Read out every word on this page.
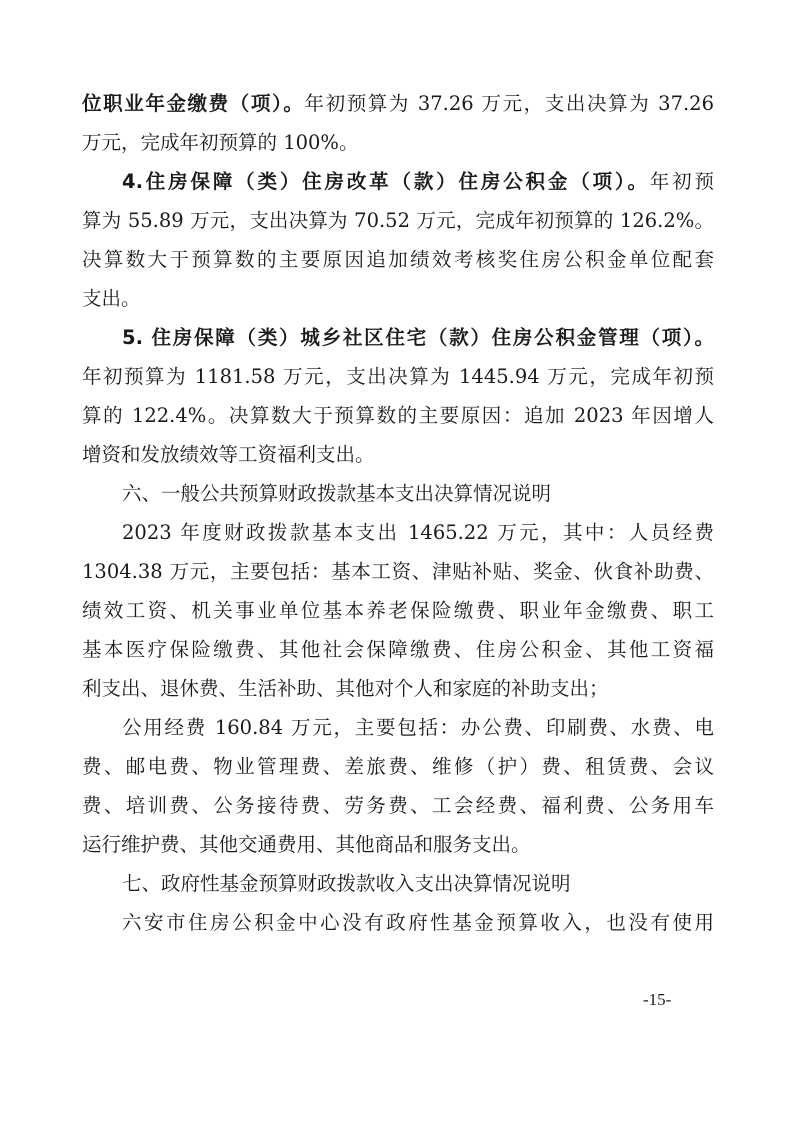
位职业年金缴费（项）。年初预算为 37.26 万元，支出决算为 37.26
万元，完成年初预算的 100%。
4.住房保障（类）住房改革（款）住房公积金（项）。年初预
算为 55.89 万元，支出决算为 70.52 万元，完成年初预算的 126.2%。
决算数大于预算数的主要原因追加绩效考核奖住房公积金单位配套
支出。
5. 住房保障（类）城乡社区住宅（款）住房公积金管理（项）。
年初预算为 1181.58 万元，支出决算为 1445.94 万元，完成年初预
算的 122.4%。决算数大于预算数的主要原因：追加 2023 年因增人
增资和发放绩效等工资福利支出。
六、一般公共预算财政拨款基本支出决算情况说明
2023 年度财政拨款基本支出 1465.22 万元，其中：人员经费
1304.38 万元，主要包括：基本工资、津贴补贴、奖金、伙食补助费、
绩效工资、机关事业单位基本养老保险缴费、职业年金缴费、职工
基本医疗保险缴费、其他社会保障缴费、住房公积金、其他工资福
利支出、退休费、生活补助、其他对个人和家庭的补助支出；
公用经费 160.84 万元，主要包括：办公费、印刷费、水费、电
费、邮电费、物业管理费、差旅费、维修（护）费、租赁费、会议
费、培训费、公务接待费、劳务费、工会经费、福利费、公务用车
运行维护费、其他交通费用、其他商品和服务支出。
七、政府性基金预算财政拨款收入支出决算情况说明
六安市住房公积金中心没有政府性基金预算收入，也没有使用
-15-
